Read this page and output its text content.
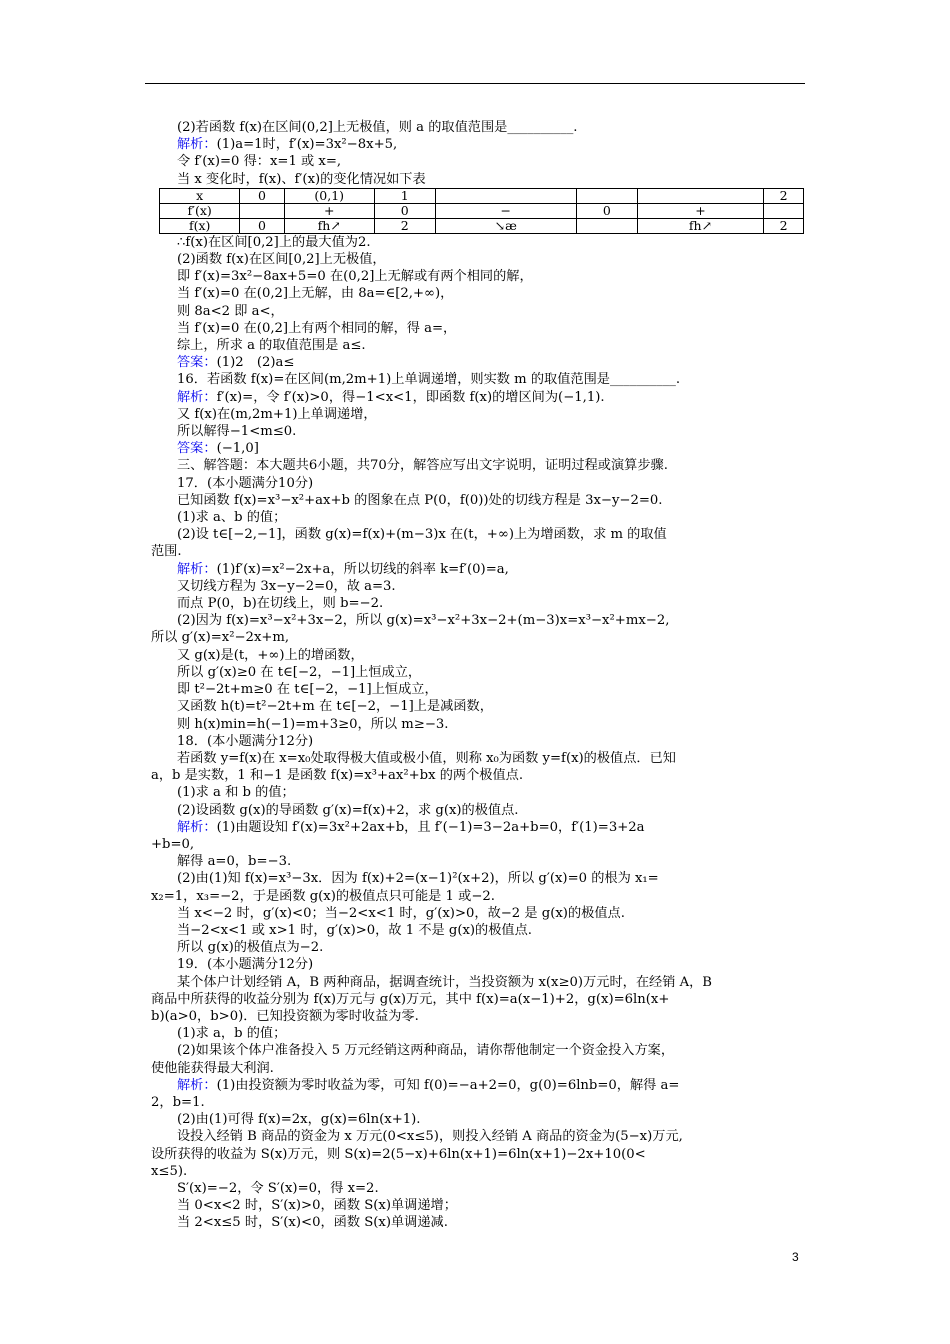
(2)若函数 f(x)在区间(0,2]上无极值，则 a 的取值范围是__________.
解析：(1)a=1时，f′(x)=3x²−8x+5,
令 f′(x)=0 得：x=1 或 x=,
当 x 变化时，f(x)、f′(x)的变化情况如下表
x	0	(0,1)	1				2
f′(x)		+	0	−	0	+	
f(x)	0	fh↗	2	↘æ		fh↗	2
∴f(x)在区间[0,2]上的最大值为2.
(2)函数 f(x)在区间[0,2]上无极值，
即 f′(x)=3x²−8ax+5=0 在(0,2]上无解或有两个相同的解，
当 f′(x)=0 在(0,2]上无解，由 8a=∈[2,+∞)，
则 8a<2 即 a<，
当 f′(x)=0 在(0,2]上有两个相同的解，得 a=，
综上，所求 a 的取值范围是 a≤.
答案：(1)2　(2)a≤
16．若函数 f(x)=在区间(m,2m+1)上单调递增，则实数 m 的取值范围是__________.
解析：f′(x)=，令 f′(x)>0，得−1<x<1，即函数 f(x)的增区间为(−1,1).
又 f(x)在(m,2m+1)上单调递增，
所以解得−1<m≤0.
答案：(−1,0]
三、解答题：本大题共6小题，共70分，解答应写出文字说明，证明过程或演算步骤.
17．(本小题满分10分)
已知函数 f(x)=x³−x²+ax+b 的图象在点 P(0，f(0))处的切线方程是 3x−y−2=0.
(1)求 a、b 的值；
(2)设 t∈[−2,−1]，函数 g(x)=f(x)+(m−3)x 在(t，+∞)上为增函数，求 m 的取值
范围.
解析：(1)f′(x)=x²−2x+a，所以切线的斜率 k=f′(0)=a,
又切线方程为 3x−y−2=0，故 a=3.
而点 P(0，b)在切线上，则 b=−2.
(2)因为 f(x)=x³−x²+3x−2，所以 g(x)=x³−x²+3x−2+(m−3)x=x³−x²+mx−2,
所以 g′(x)=x²−2x+m,
又 g(x)是(t，+∞)上的增函数，
所以 g′(x)≥0 在 t∈[−2，−1]上恒成立，
即 t²−2t+m≥0 在 t∈[−2，−1]上恒成立，
又函数 h(t)=t²−2t+m 在 t∈[−2，−1]上是减函数，
则 h(x)min=h(−1)=m+3≥0，所以 m≥−3.
18．(本小题满分12分)
若函数 y=f(x)在 x=x₀处取得极大值或极小值，则称 x₀为函数 y=f(x)的极值点．已知
a，b 是实数，1 和−1 是函数 f(x)=x³+ax²+bx 的两个极值点.
(1)求 a 和 b 的值；
(2)设函数 g(x)的导函数 g′(x)=f(x)+2，求 g(x)的极值点.
解析：(1)由题设知 f′(x)=3x²+2ax+b，且 f′(−1)=3−2a+b=0，f′(1)=3+2a
+b=0,
解得 a=0，b=−3.
(2)由(1)知 f(x)=x³−3x．因为 f(x)+2=(x−1)²(x+2)，所以 g′(x)=0 的根为 x₁=
x₂=1，x₃=−2，于是函数 g(x)的极值点只可能是 1 或−2.
当 x<−2 时，g′(x)<0；当−2<x<1 时，g′(x)>0，故−2 是 g(x)的极值点.
当−2<x<1 或 x>1 时，g′(x)>0，故 1 不是 g(x)的极值点.
所以 g(x)的极值点为−2.
19．(本小题满分12分)
某个体户计划经销 A，B 两种商品，据调查统计，当投资额为 x(x≥0)万元时，在经销 A，B
商品中所获得的收益分别为 f(x)万元与 g(x)万元，其中 f(x)=a(x−1)+2，g(x)=6ln(x+
b)(a>0，b>0)．已知投资额为零时收益为零.
(1)求 a，b 的值；
(2)如果该个体户准备投入 5 万元经销这两种商品，请你帮他制定一个资金投入方案，
使他能获得最大利润.
解析：(1)由投资额为零时收益为零，可知 f(0)=−a+2=0，g(0)=6lnb=0，解得 a=
2，b=1.
(2)由(1)可得 f(x)=2x，g(x)=6ln(x+1).
设投入经销 B 商品的资金为 x 万元(0<x≤5)，则投入经销 A 商品的资金为(5−x)万元,
设所获得的收益为 S(x)万元，则 S(x)=2(5−x)+6ln(x+1)=6ln(x+1)−2x+10(0<
x≤5).
S′(x)=−2，令 S′(x)=0，得 x=2.
当 0<x<2 时，S′(x)>0，函数 S(x)单调递增；
当 2<x≤5 时，S′(x)<0，函数 S(x)单调递减.
3
